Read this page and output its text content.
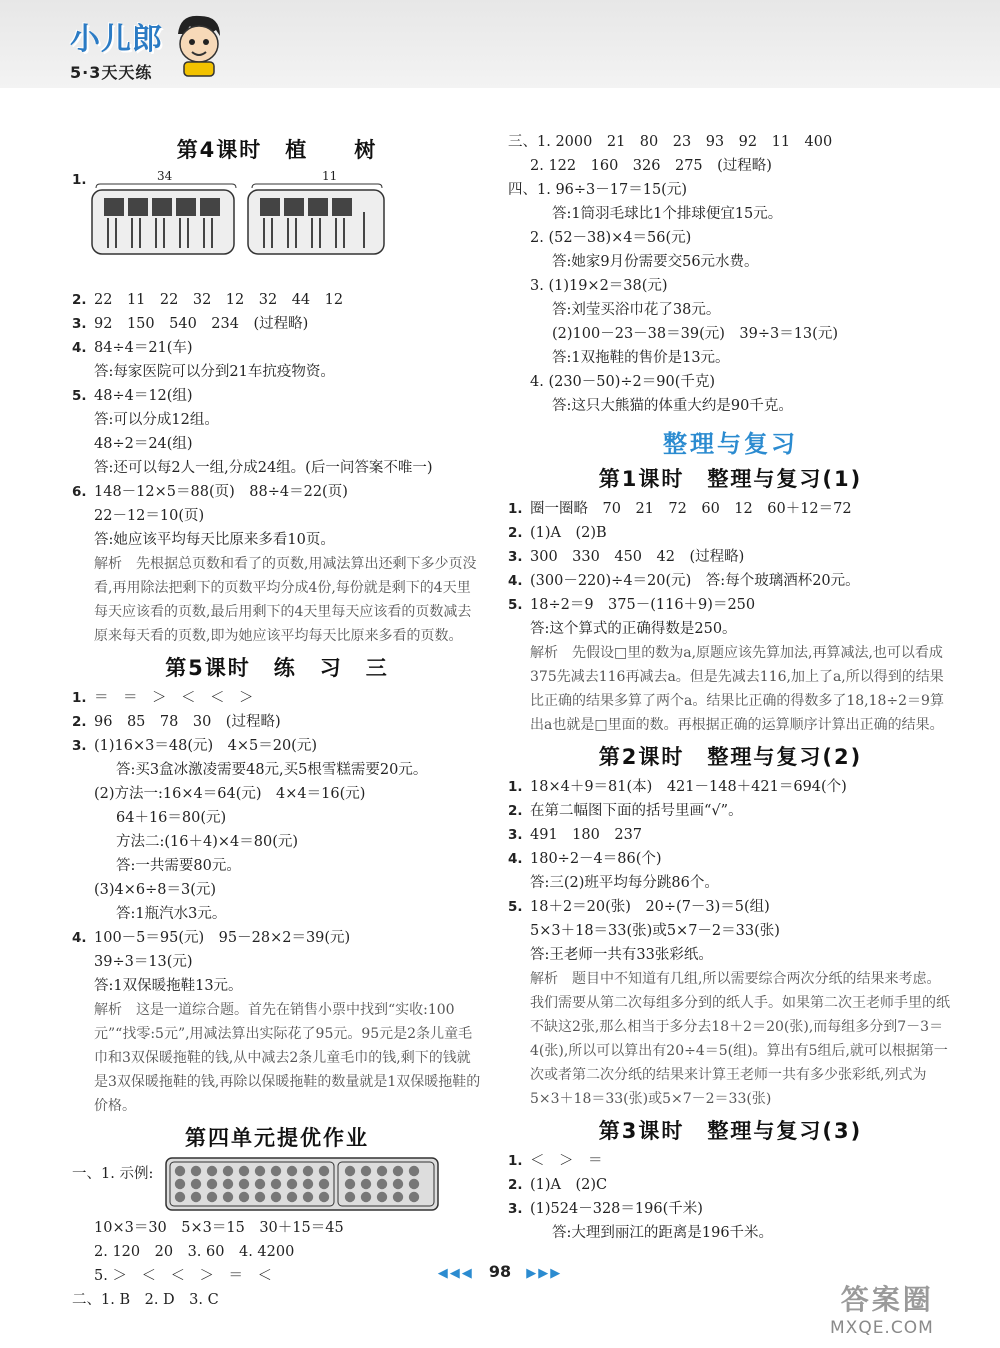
小儿郎
5·3天天练
第4课时　植　　树
1.	34	11
2. 22　11　22　32　12　32　44　12
3. 92　150　540　234　(过程略)
4. 84÷4＝21(车)
答:每家医院可以分到21车抗疫物资。
5. 48÷4＝12(组)
答:可以分成12组。
48÷2＝24(组)
答:还可以每2人一组,分成24组。(后一问答案不唯一)
6. 148－12×5＝88(页)　88÷4＝22(页)
22－12＝10(页)
答:她应该平均每天比原来多看10页。
解析　先根据总页数和看了的页数,用减法算出还剩下多少页没看,再用除法把剩下的页数平均分成4份,每份就是剩下的4天里每天应该看的页数,最后用剩下的4天里每天应该看的页数减去原来每天看的页数,即为她应该平均每天比原来多看的页数。
第5课时　练　习　三
1. ＝　＝　＞　＜　＜　＞
2. 96　85　78　30　(过程略)
3. (1)16×3＝48(元)　4×5＝20(元)
答:买3盒冰激凌需要48元,买5根雪糕需要20元。
(2)方法一:16×4＝64(元)　4×4＝16(元)
64＋16＝80(元)
方法二:(16＋4)×4＝80(元)
答:一共需要80元。
(3)4×6÷8＝3(元)
答:1瓶汽水3元。
4. 100－5＝95(元)　95－28×2＝39(元)
39÷3＝13(元)
答:1双保暖拖鞋13元。
解析　这是一道综合题。首先在销售小票中找到“实收:100元”“找零:5元”,用减法算出实际花了95元。95元是2条儿童毛巾和3双保暖拖鞋的钱,从中减去2条儿童毛巾的钱,剩下的钱就是3双保暖拖鞋的钱,再除以保暖拖鞋的数量就是1双保暖拖鞋的价格。
第四单元提优作业
一、1. 示例:
10×3＝30　5×3＝15　30＋15＝45
2. 120　20　3. 60　4. 4200
5. ＞　＜　＜　＞　＝　＜
二、1. B　2. D　3. C
三、1. 2000　21　80　23　93　92　11　400
2. 122　160　326　275　(过程略)
四、1. 96÷3－17＝15(元)
答:1筒羽毛球比1个排球便宜15元。
2. (52－38)×4＝56(元)
答:她家9月份需要交56元水费。
3. (1)19×2＝38(元)
答:刘莹买浴巾花了38元。
(2)100－23－38＝39(元)　39÷3＝13(元)
答:1双拖鞋的售价是13元。
4. (230－50)÷2＝90(千克)
答:这只大熊猫的体重大约是90千克。
整理与复习
第1课时　整理与复习(1)
1. 圈一圈略　70　21　72　60　12　60＋12＝72
2. (1)A　(2)B
3. 300　330　450　42　(过程略)
4. (300－220)÷4＝20(元)　答:每个玻璃酒杯20元。
5. 18÷2＝9　375－(116＋9)＝250
答:这个算式的正确得数是250。
解析　先假设□里的数为a,原题应该先算加法,再算减法,也可以看成375先减去116再减去a。但是先减去116,加上了a,所以得到的结果比正确的结果多算了两个a。结果比正确的得数多了18,18÷2＝9算出a也就是□里面的数。再根据正确的运算顺序计算出正确的结果。
第2课时　整理与复习(2)
1. 18×4＋9＝81(本)　421－148＋421＝694(个)
2. 在第二幅图下面的括号里画“√”。
3. 491　180　237
4. 180÷2－4＝86(个)
答:三(2)班平均每分跳86个。
5. 18＋2＝20(张)　20÷(7－3)＝5(组)
5×3＋18＝33(张)或5×7－2＝33(张)
答:王老师一共有33张彩纸。
解析　题目中不知道有几组,所以需要综合两次分纸的结果来考虑。我们需要从第二次每组多分到的纸人手。如果第二次王老师手里的纸不缺这2张,那么相当于多分去18＋2＝20(张),而每组多分到7－3＝4(张),所以可以算出有20÷4＝5(组)。算出有5组后,就可以根据第一次或者第二次分纸的结果来计算王老师一共有多少张彩纸,列式为5×3＋18＝33(张)或5×7－2＝33(张)
第3课时　整理与复习(3)
1. ＜　＞　＝
2. (1)A　(2)C
3. (1)524－328＝196(千米)
答:大理到丽江的距离是196千米。
◀◀◀ 98 ▶▶▶
答案圈
MXQE.COM
